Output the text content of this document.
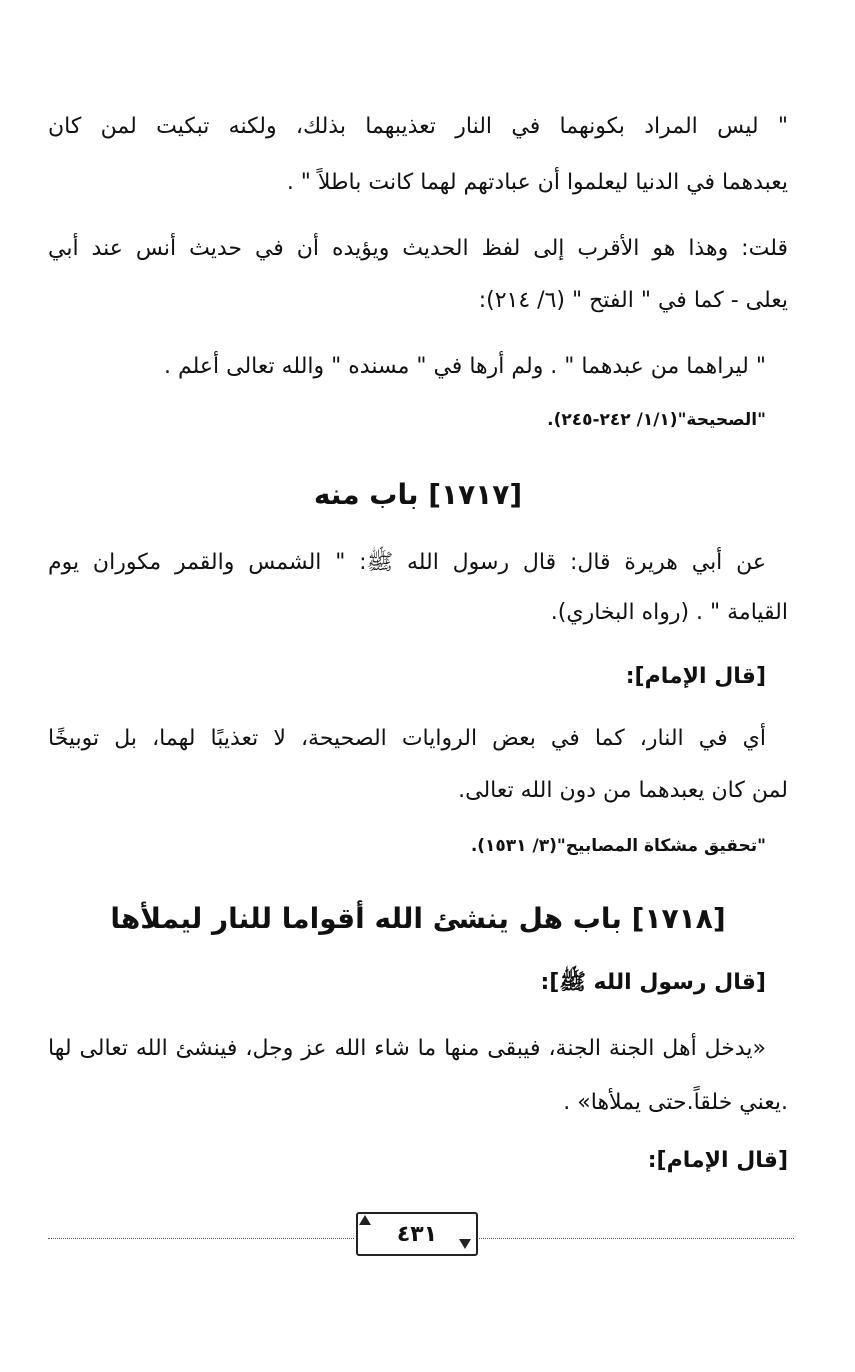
" ليس المراد بكونهما في النار تعذيبهما بذلك، ولكنه تبكيت لمن كان
يعبدهما في الدنيا ليعلموا أن عبادتهم لهما كانت باطلاً " .
قلت: وهذا هو الأقرب إلى لفظ الحديث ويؤيده أن في حديث أنس عند أبي
يعلى - كما في " الفتح " (٦/ ٢١٤):
" ليراهما من عبدهما " . ولم أرها في " مسنده " والله تعالى أعلم .
"الصحيحة"(١/١/ ٢٤٢-٢٤٥).
[١٧١٧] باب منه
عن أبي هريرة قال: قال رسول الله ﷺ: " الشمس والقمر مكوران يوم
القيامة " . (رواه البخاري).
[قال الإمام]:
أي في النار، كما في بعض الروايات الصحيحة، لا تعذيبًا لهما، بل توبيخًا
لمن كان يعبدهما من دون الله تعالى.
"تحقيق مشكاة المصابيح"(٣/ ١٥٣١).
[١٧١٨] باب هل ينشئ الله أقواما للنار ليملأها
[قال رسول الله ﷺ]:
«يدخل أهل الجنة الجنة، فيبقى منها ما شاء الله عز وجل، فينشئ الله تعالى لها
.يعني خلقاً.حتى يملأها» .
[قال الإمام]:
٤٣١
